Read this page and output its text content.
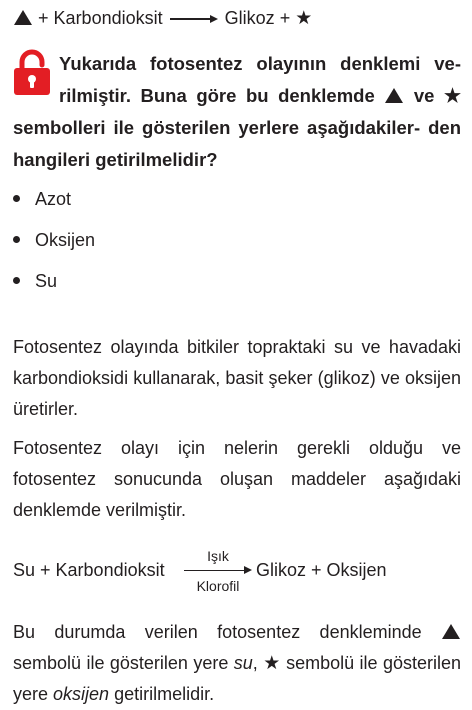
+ Karbondioksit	Glikoz + ★
Yukarıda fotosentez olayının denklemi ve- rilmiştir. Buna göre bu denklemde ve ★ sembolleri ile gösterilen yerlere aşağıdakiler- den hangileri getirilmelidir?
Azot
Oksijen
Su

Fotosentez olayında bitkiler topraktaki su ve havadaki karbondioksidi kullanarak, basit şeker (glikoz) ve oksijen üretirler.

Fotosentez olayı için nelerin gerekli olduğu ve fotosentez sonucunda oluşan maddeler aşağıdaki denklemde verilmiştir.

Su + Karbondioksit
Işık
Klorofil
Glikoz + Oksijen

Bu durumda verilen fotosentez denkleminde  sembolü ile gösterilen yere su, ★ sembolü ile gösterilen yere oksijen getirilmelidir.
